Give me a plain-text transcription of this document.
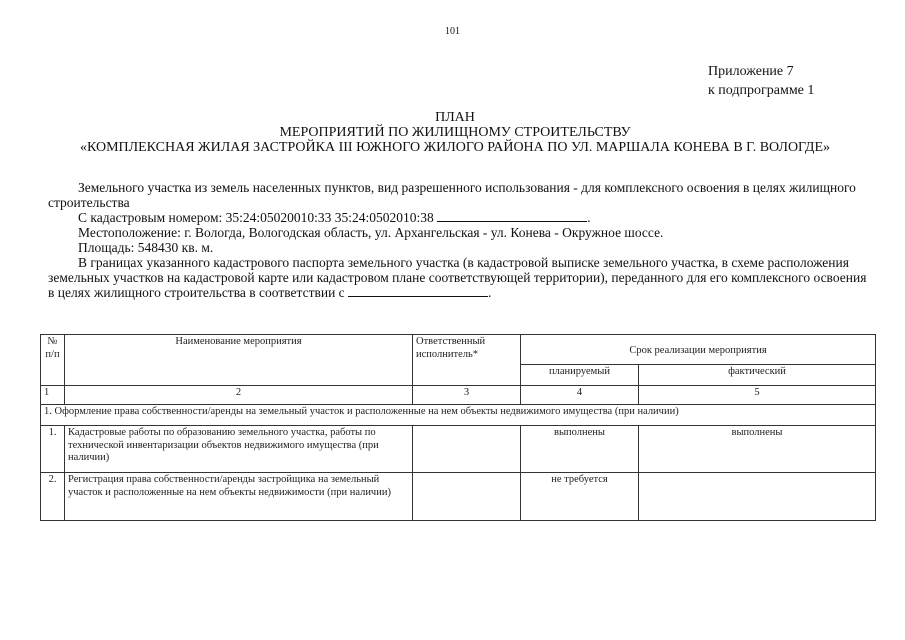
101
Приложение 7
к подпрограмме 1
ПЛАН
МЕРОПРИЯТИЙ ПО ЖИЛИЩНОМУ СТРОИТЕЛЬСТВУ
«КОМПЛЕКСНАЯ ЖИЛАЯ ЗАСТРОЙКА III ЮЖНОГО ЖИЛОГО РАЙОНА ПО УЛ. МАРШАЛА КОНЕВА В Г. ВОЛОГДЕ»

Земельного участка из земель населенных пунктов, вид разрешенного использования - для комплексного освоения в целях жилищного строительства

С кадастровым номером: 35:24:05020010:33 35:24:0502010:38	.

Местоположение: г. Вологда, Вологодская область, ул. Архангельская - ул. Конева - Окружное шоссе.

Площадь: 548430 кв. м.

В границах указанного кадастрового паспорта земельного участка (в кадастровой выписке земельного участка, в схеме расположения земельных участков на кадастровой карте или кадастровом плане соответствующей территории), переданного для его комплексного освоения в целях жилищного строительства в соответствии с	.

№ п/п	Наименование мероприятия	Ответственный исполнитель*	Срок реализации мероприятия	
			планируемый	фактический
1	2	3	4	5
1. Оформление права собственности/аренды на земельный участок и расположенные на нем объекты недвижимого имущества (при наличии)				
1.	Кадастровые работы по образованию земельного участка, работы по технической инвентаризации объектов недвижимого имущества (при наличии)		выполнены	выполнены
2.	Регистрация права собственности/аренды застройщика на земельный участок и расположенные на нем объекты недвижимости (при наличии)		не требуется	
